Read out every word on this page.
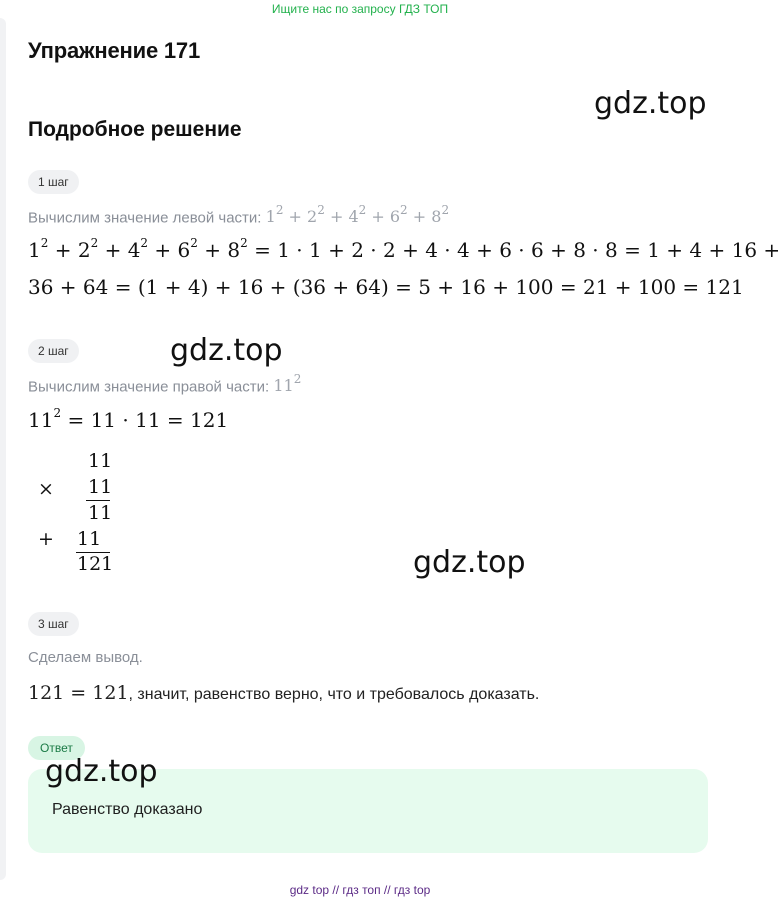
Ищите нас по запросу ГДЗ ТОП
Упражнение 171
gdz.top
Подробное решение
1 шаг
Вычислим значение левой части: $1^2 + 2^2 + 4^2 + 6^2 + 8^2$
$1^2 + 2^2 + 4^2 + 6^2 + 8^2 = 1 \cdot 1 + 2 \cdot 2 + 4 \cdot 4 + 6 \cdot 6 + 8 \cdot 8 = 1 + 4 + 16$ +
36 + 64 = (1 + 4) + 16 + (36 + 64) = 5 + 16 + 100 = 21 + 100 = 121
2 шаг	gdz.top
Вычислим значение правой части: $11^2$
$11^2 = 11 \cdot 11 = 121$
11
× 11
11
+ 11
121	gdz.top
3 шаг
Сделаем вывод.
121 = 121, значит, равенство верно, что и требовалось доказать.
Ответ
Равенство доказано
gdz.top
gdz top // гдз топ // гдз top
